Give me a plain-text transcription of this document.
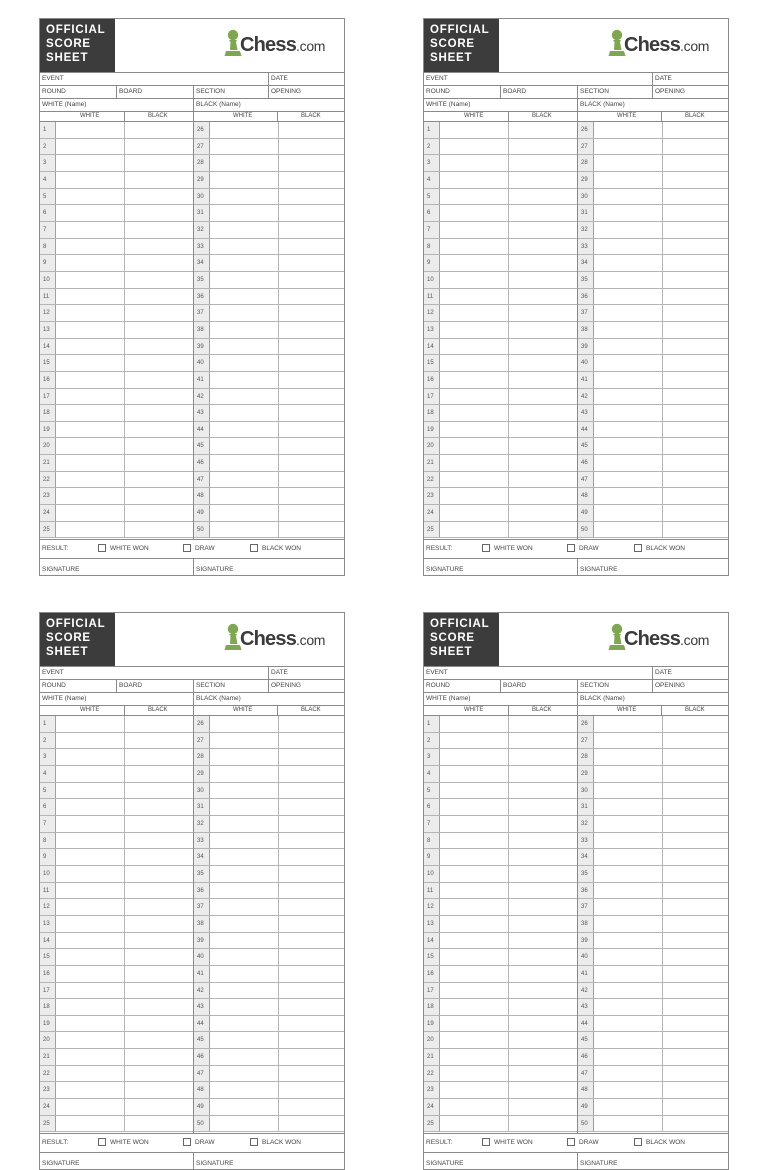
OFFICIAL
SCORE
SHEET
Chess.com
EVENT	DATE
ROUND	BOARD	SECTION	OPENING
WHITE (Name)	BLACK (Name)
WHITE	BLACK	WHITE	BLACK
1
2
3
4
5
6
7
8
9
10
11
12
13
14
15
16
17
18
19
20
21
22
23
24
25
26
27
28
29
30
31
32
33
34
35
36
37
38
39
40
41
42
43
44
45
46
47
48
49
50
RESULT:	WHITE WON	DRAW	BLACK WON
SIGNATURE	SIGNATURE
OFFICIAL
SCORE
SHEET
Chess.com
EVENT	DATE
ROUND	BOARD	SECTION	OPENING
WHITE (Name)	BLACK (Name)
WHITE	BLACK	WHITE	BLACK
1
2
3
4
5
6
7
8
9
10
11
12
13
14
15
16
17
18
19
20
21
22
23
24
25
26
27
28
29
30
31
32
33
34
35
36
37
38
39
40
41
42
43
44
45
46
47
48
49
50
RESULT:	WHITE WON	DRAW	BLACK WON
SIGNATURE	SIGNATURE
OFFICIAL
SCORE
SHEET
Chess.com
EVENT	DATE
ROUND	BOARD	SECTION	OPENING
WHITE (Name)	BLACK (Name)
WHITE	BLACK	WHITE	BLACK
1
2
3
4
5
6
7
8
9
10
11
12
13
14
15
16
17
18
19
20
21
22
23
24
25
26
27
28
29
30
31
32
33
34
35
36
37
38
39
40
41
42
43
44
45
46
47
48
49
50
RESULT:	WHITE WON	DRAW	BLACK WON
SIGNATURE	SIGNATURE
OFFICIAL
SCORE
SHEET
Chess.com
EVENT	DATE
ROUND	BOARD	SECTION	OPENING
WHITE (Name)	BLACK (Name)
WHITE	BLACK	WHITE	BLACK
1
2
3
4
5
6
7
8
9
10
11
12
13
14
15
16
17
18
19
20
21
22
23
24
25
26
27
28
29
30
31
32
33
34
35
36
37
38
39
40
41
42
43
44
45
46
47
48
49
50
RESULT:	WHITE WON	DRAW	BLACK WON
SIGNATURE	SIGNATURE
